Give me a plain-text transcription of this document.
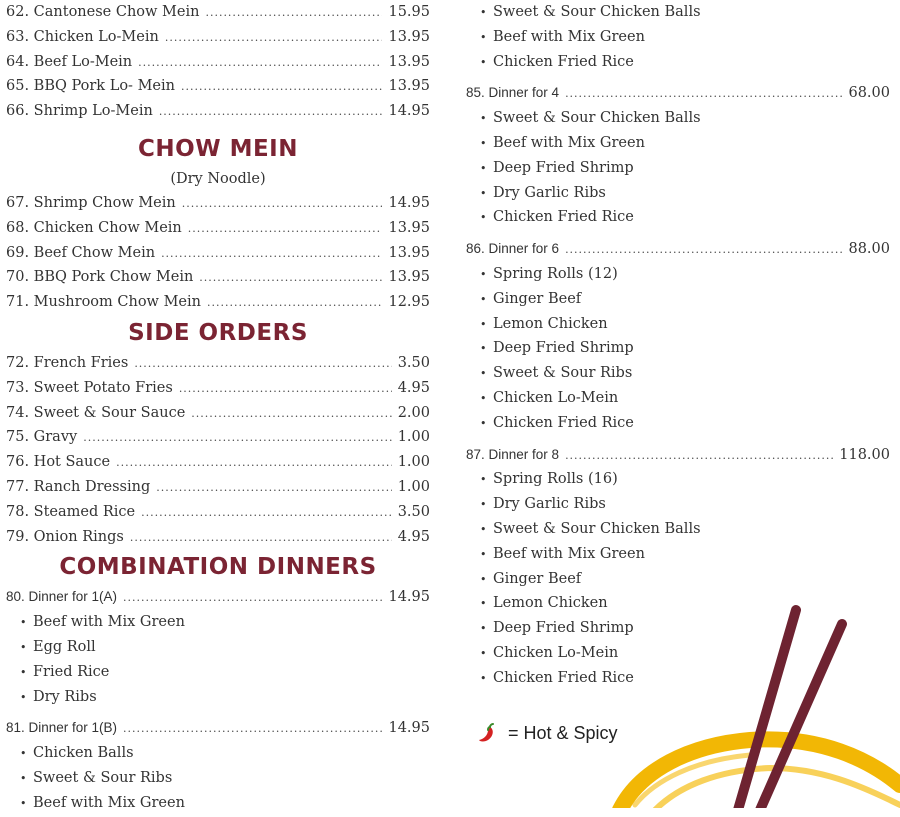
62. Cantonese Chow Mein .....	15.95
63. Chicken Lo-Mein .....	13.95
64. Beef Lo-Mein .....	13.95
65. BBQ Pork Lo- Mein .....	13.95
66. Shrimp Lo-Mein .....	14.95
CHOW MEIN
(Dry Noodle)
67. Shrimp Chow Mein .....	14.95
68. Chicken Chow Mein .....	13.95
69. Beef Chow Mein .....	13.95
70. BBQ Pork Chow Mein .....	13.95
71. Mushroom Chow Mein .....	12.95
SIDE ORDERS
72. French Fries .....	3.50
73. Sweet Potato Fries .....	4.95
74. Sweet & Sour Sauce .....	2.00
75. Gravy .....	1.00
76. Hot Sauce .....	1.00
77. Ranch Dressing .....	1.00
78. Steamed Rice .....	3.50
79. Onion Rings .....	4.95
COMBINATION DINNERS
80. Dinner for 1(A) .....	14.95
• Beef with Mix Green
• Egg Roll
• Fried Rice
• Dry Ribs
81. Dinner for 1(B) .....	14.95
• Chicken Balls
• Sweet & Sour Ribs
• Beef with Mix Green
• Sweet & Sour Chicken Balls
• Beef with Mix Green
• Chicken Fried Rice
85. Dinner for 4 .....	68.00
• Sweet & Sour Chicken Balls
• Beef with Mix Green
• Deep Fried Shrimp
• Dry Garlic Ribs
• Chicken Fried Rice
86. Dinner for 6 .....	88.00
• Spring Rolls (12)
• Ginger Beef
• Lemon Chicken
• Deep Fried Shrimp
• Sweet & Sour Ribs
• Chicken Lo-Mein
• Chicken Fried Rice
87. Dinner for 8 .....	118.00
• Spring Rolls (16)
• Dry Garlic Ribs
• Sweet & Sour Chicken Balls
• Beef with Mix Green
• Ginger Beef
• Lemon Chicken
• Deep Fried Shrimp
• Chicken Lo-Mein
• Chicken Fried Rice
= Hot & Spicy
